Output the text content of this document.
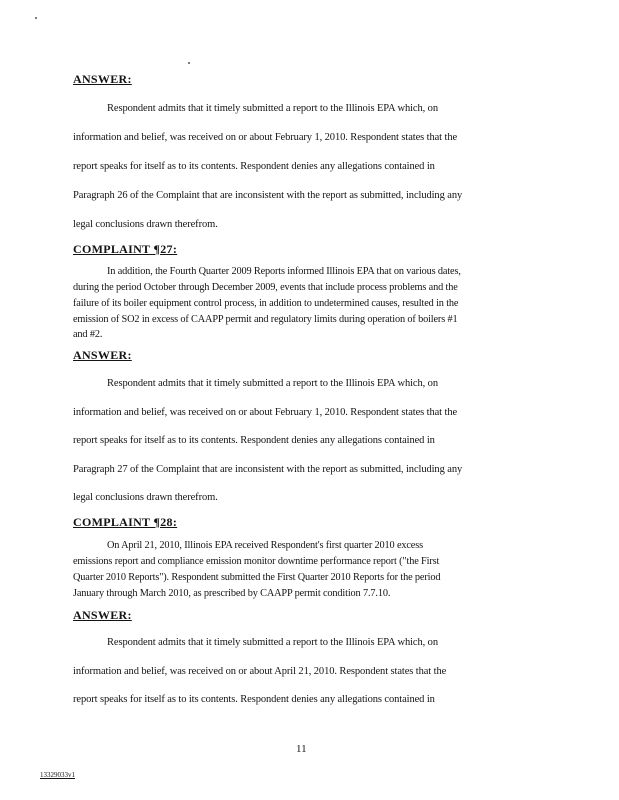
ANSWER:
Respondent admits that it timely submitted a report to the Illinois EPA which, on
information and belief, was received on or about February 1, 2010. Respondent states that the
report speaks for itself as to its contents. Respondent denies any allegations contained in
Paragraph 26 of the Complaint that are inconsistent with the report as submitted, including any
legal conclusions drawn therefrom.
COMPLAINT ¶27:
In addition, the Fourth Quarter 2009 Reports informed Illinois EPA that on various dates,
during the period October through December 2009, events that include process problems and the
failure of its boiler equipment control process, in addition to undetermined causes, resulted in the
emission of SO2 in excess of CAAPP permit and regulatory limits during operation of boilers #1
and #2.
ANSWER:
Respondent admits that it timely submitted a report to the Illinois EPA which, on
information and belief, was received on or about February 1, 2010. Respondent states that the
report speaks for itself as to its contents. Respondent denies any allegations contained in
Paragraph 27 of the Complaint that are inconsistent with the report as submitted, including any
legal conclusions drawn therefrom.
COMPLAINT ¶28:
On April 21, 2010, Illinois EPA received Respondent's first quarter 2010 excess
emissions report and compliance emission monitor downtime performance report ("the First
Quarter 2010 Reports"). Respondent submitted the First Quarter 2010 Reports for the period
January through March 2010, as prescribed by CAAPP permit condition 7.7.10.
ANSWER:
Respondent admits that it timely submitted a report to the Illinois EPA which, on
information and belief, was received on or about April 21, 2010. Respondent states that the
report speaks for itself as to its contents. Respondent denies any allegations contained in
11
13329033v1
